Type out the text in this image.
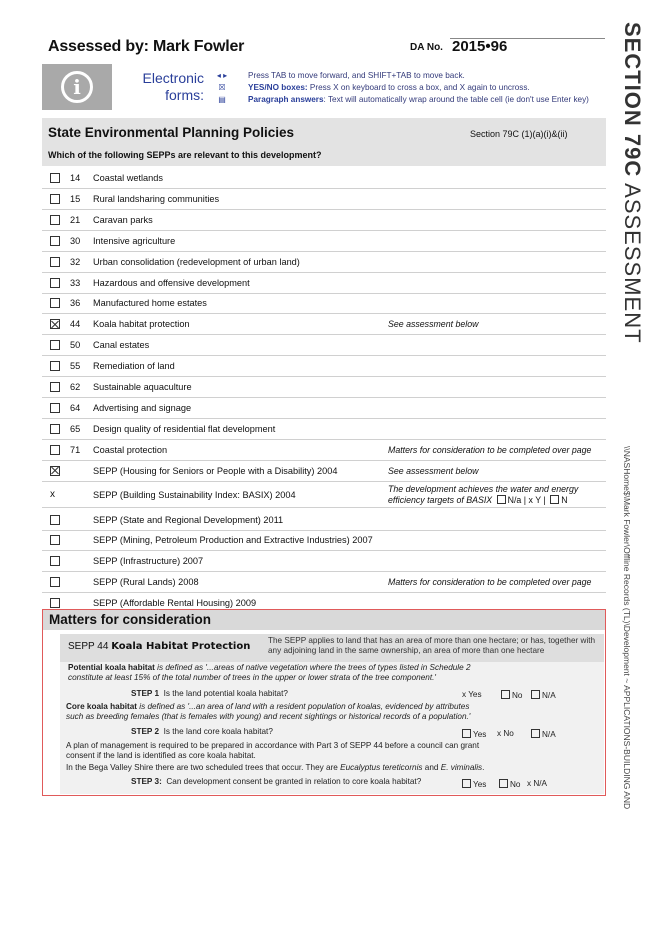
Assessed by: Mark Fowler	DA No. 2015•96
i	Electronic
forms:
◂ ▸
☒
▤
Press TAB to move forward, and SHIFT+TAB to move back.
YES/NO boxes: Press X on keyboard to cross a box, and X again to uncross.
Paragraph answers: Text will automatically wrap around the table cell (ie don't use Enter key)
State Environmental Planning Policies	Section 79C (1)(a)(i)&(ii)
Which of the following SEPPs are relevant to this development?
14	Coastal wetlands
15	Rural landsharing communities
21	Caravan parks
30	Intensive agriculture
32	Urban consolidation (redevelopment of urban land)
33	Hazardous and offensive development
36	Manufactured home estates
44	Koala habitat protection	See assessment below
50	Canal estates
55	Remediation of land
62	Sustainable aquaculture
64	Advertising and signage
65	Design quality of residential flat development
71	Coastal protection	Matters for consideration to be completed over page
SEPP (Housing for Seniors or People with a Disability) 2004	See assessment below
x	SEPP (Building Sustainability Index: BASIX) 2004
The development achieves the water and energy
efficiency targets of BASIX N/a | x Y | N
SEPP (State and Regional Development) 2011
SEPP (Mining, Petroleum Production and Extractive Industries) 2007
SEPP (Infrastructure) 2007
SEPP (Rural Lands) 2008	Matters for consideration to be completed over page
SEPP (Affordable Rental Housing) 2009
Matters for consideration
SEPP 44 Koala Habitat Protection
The SEPP applies to land that has an area of more than one hectare; or has, together with any adjoining land in the same ownership, an area of more than one hectare
Potential koala habitat is defined as '...areas of native vegetation where the trees of types listed in Schedule 2 constitute at least 15% of the total number of trees in the upper or lower strata of the tree component.'
STEP 1 Is the land potential koala habitat?	x Yes	No	N/A
Core koala habitat is defined as '...an area of land with a resident population of koalas, evidenced by attributes such as breeding females (that is females with young) and recent sightings or historical records of a population.'
STEP 2 Is the land core koala habitat?	Yes x No	N/A
A plan of management is required to be prepared in accordance with Part 3 of SEPP 44 before a council can grant consent if the land is identified as core koala habitat.
In the Bega Valley Shire there are two scheduled trees that occur. They are Eucalyptus tereticornis and E. viminalis.
STEP 3: Can development consent be granted in relation to core koala habitat?	Yes	No x N/A
SECTION 79C ASSESSMENT
\\NASHome$\Mark Fowler\Offline Records (TL)\Development ~ APPLICATIONS-BUILDING AND
